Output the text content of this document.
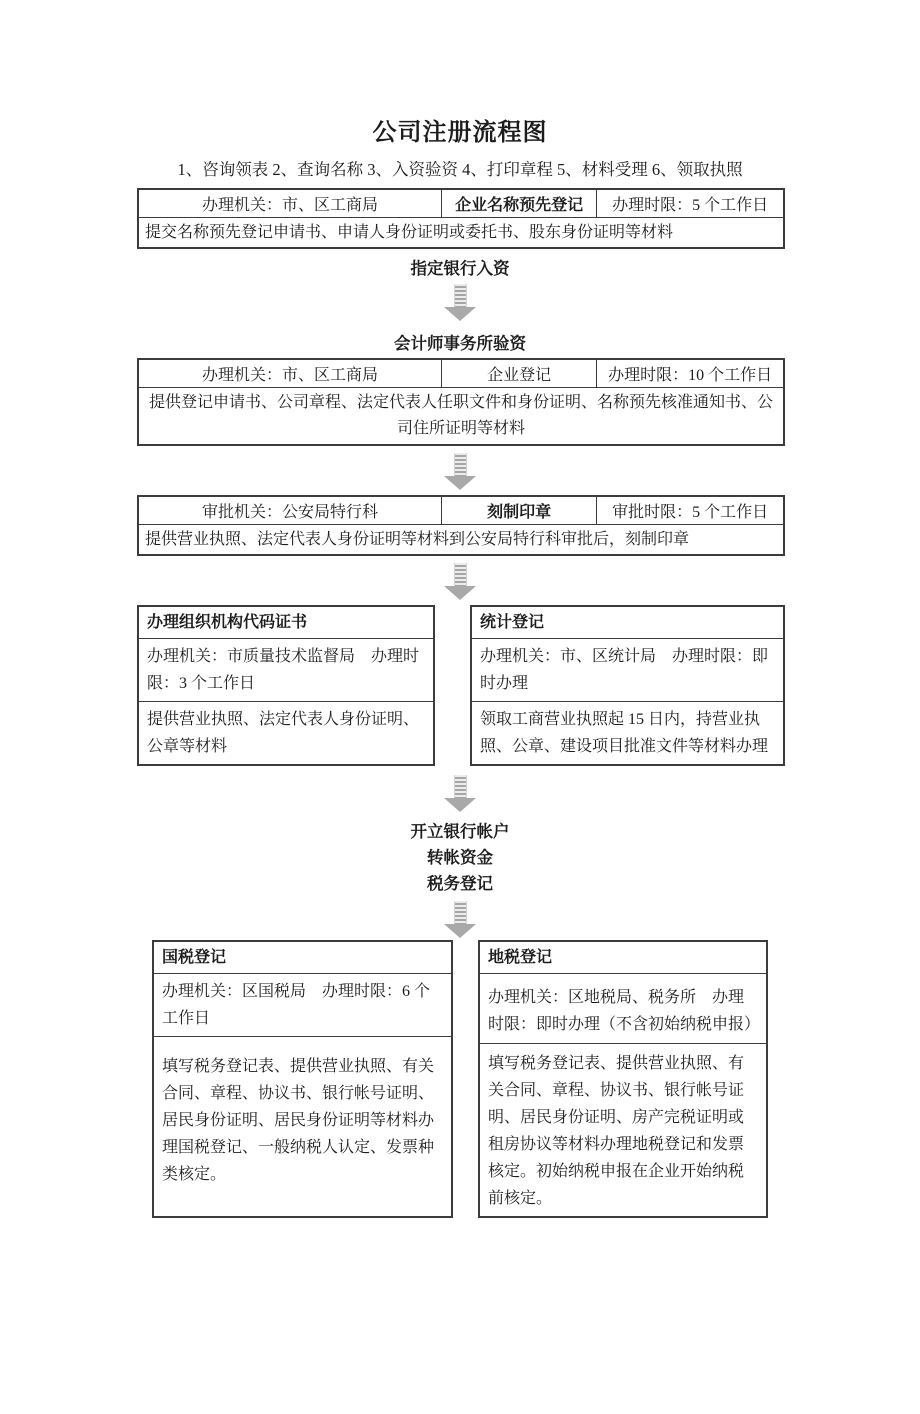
公司注册流程图
1、咨询领表 2、查询名称 3、入资验资 4、打印章程 5、材料受理 6、领取执照
办理机关：市、区工商局	企业名称预先登记	办理时限：5 个工作日
提交名称预先登记申请书、申请人身份证明或委托书、股东身份证明等材料
指定银行入资
会计师事务所验资
办理机关：市、区工商局	企业登记	办理时限：10 个工作日
提供登记申请书、公司章程、法定代表人任职文件和身份证明、名称预先核准通知书、公司住所证明等材料
审批机关：公安局特行科	刻制印章	审批时限：5 个工作日
提供营业执照、法定代表人身份证明等材料到公安局特行科审批后，刻制印章
办理组织机构代码证书
办理机关：市质量技术监督局　办理时限：3 个工作日
提供营业执照、法定代表人身份证明、公章等材料
统计登记
办理机关：市、区统计局　办理时限：即时办理
领取工商营业执照起 15 日内，持营业执照、公章、建设项目批准文件等材料办理
开立银行帐户
转帐资金
税务登记
国税登记
办理机关：区国税局　办理时限：6 个工作日
填写税务登记表、提供营业执照、有关合同、章程、协议书、银行帐号证明、居民身份证明、居民身份证明等材料办理国税登记、一般纳税人认定、发票种类核定。
地税登记
办理机关：区地税局、税务所　办理时限：即时办理（不含初始纳税申报）
填写税务登记表、提供营业执照、有关合同、章程、协议书、银行帐号证明、居民身份证明、房产完税证明或租房协议等材料办理地税登记和发票核定。初始纳税申报在企业开始纳税前核定。
